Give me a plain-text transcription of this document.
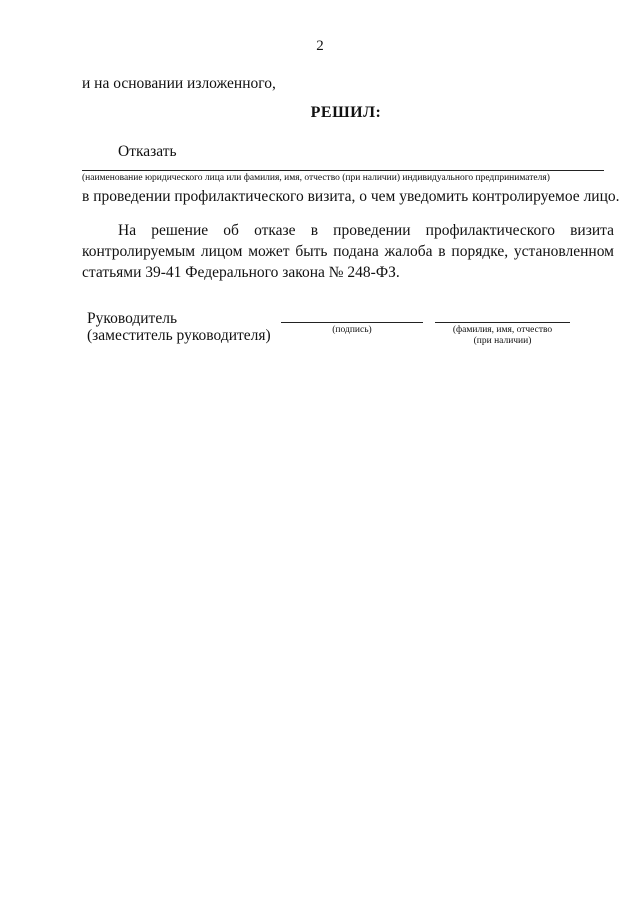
2
и на основании изложенного,
РЕШИЛ:
Отказать
(наименование юридического лица или фамилия, имя, отчество (при наличии) индивидуального предпринимателя)
в проведении профилактического визита, о чем уведомить контролируемое лицо.
На решение об отказе в проведении профилактического визита
контролируемым лицом может быть подана жалоба в порядке, установленном
статьями 39-41 Федерального закона № 248-ФЗ.
Руководитель
(заместитель руководителя)	(подпись)	(фамилия, имя, отчество
(при наличии)
